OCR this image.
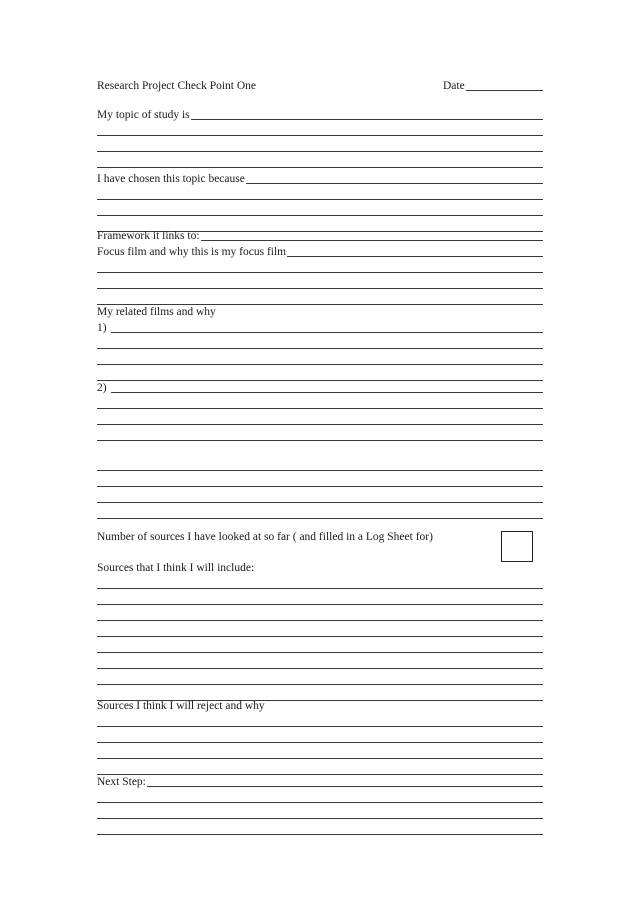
Research Project Check Point One	Date
My topic of study is
I have chosen this topic because
Framework it links to:
Focus film and why this is my focus film
My related films and why
1)
2)
Number of sources I have looked at so far ( and filled in a Log Sheet for)
Sources that I think I will include:
Sources I think I will reject and why
Next Step:
